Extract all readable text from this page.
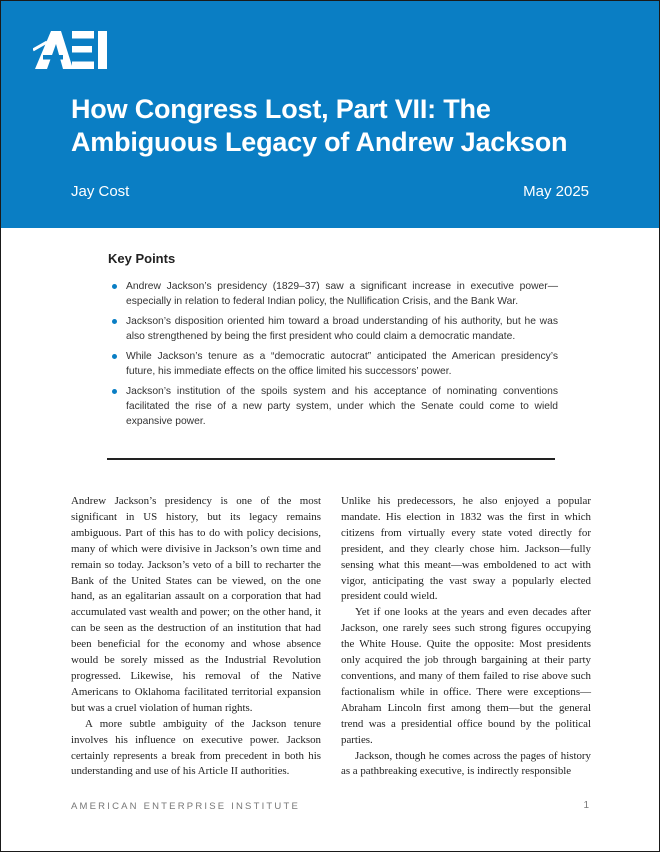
How Congress Lost, Part VII: The Ambiguous Legacy of Andrew Jackson
Jay Cost	May 2025
Key Points
Andrew Jackson’s presidency (1829–37) saw a significant increase in executive power—especially in relation to federal Indian policy, the Nullification Crisis, and the Bank War.
Jackson’s disposition oriented him toward a broad understanding of his authority, but he was also strengthened by being the first president who could claim a democratic mandate.
While Jackson’s tenure as a “democratic autocrat” anticipated the American presidency’s future, his immediate effects on the office limited his successors’ power.
Jackson’s institution of the spoils system and his acceptance of nominating conventions facilitated the rise of a new party system, under which the Senate could come to wield expansive power.

Andrew Jackson’s presidency is one of the most significant in US history, but its legacy remains ambiguous. Part of this has to do with policy decisions, many of which were divisive in Jackson’s own time and remain so today. Jackson’s veto of a bill to recharter the Bank of the United States can be viewed, on the one hand, as an egalitarian assault on a corporation that had accumulated vast wealth and power; on the other hand, it can be seen as the destruction of an institution that had been beneficial for the economy and whose absence would be sorely missed as the Industrial Revolution progressed. Likewise, his removal of the Native Americans to Oklahoma facilitated territorial expansion but was a cruel violation of human rights.

A more subtle ambiguity of the Jackson tenure involves his influence on executive power. Jackson certainly represents a break from precedent in both his understanding and use of his Article II authorities.

Unlike his predecessors, he also enjoyed a popular mandate. His election in 1832 was the first in which citizens from virtually every state voted directly for president, and they clearly chose him. Jackson—fully sensing what this meant—was emboldened to act with vigor, anticipating the vast sway a popularly elected president could wield.

Yet if one looks at the years and even decades after Jackson, one rarely sees such strong figures occupying the White House. Quite the opposite: Most presidents only acquired the job through bargaining at their party conventions, and many of them failed to rise above such factionalism while in office. There were exceptions—Abraham Lincoln first among them—but the general trend was a presidential office bound by the political parties.

Jackson, though he comes across the pages of history as a pathbreaking executive, is indirectly responsible

AMERICAN ENTERPRISE INSTITUTE	1
